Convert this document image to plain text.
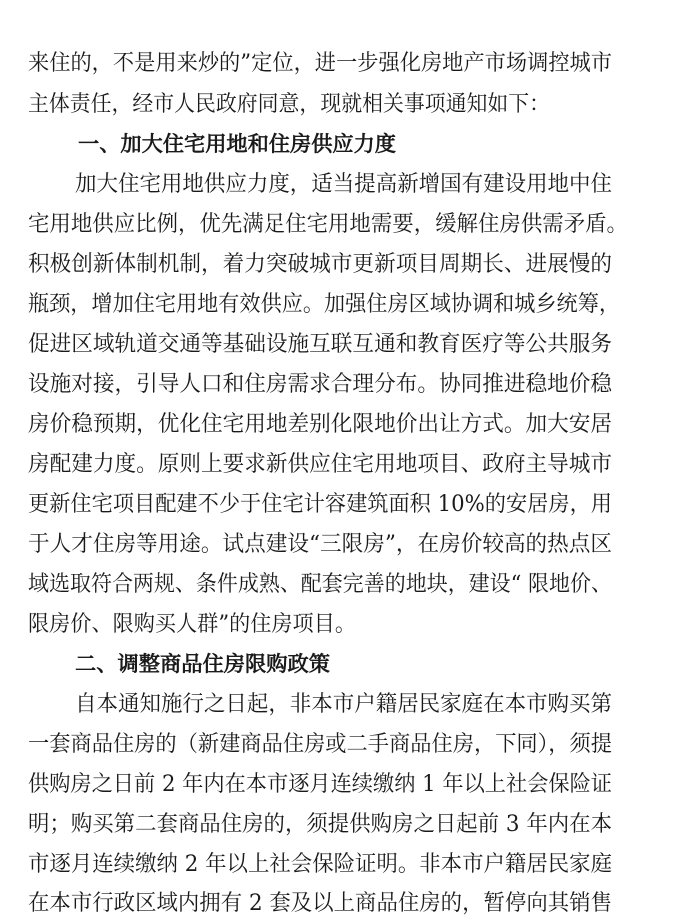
来住的，不是用来炒的”定位，进一步强化房地产市场调控城市
主体责任，经市人民政府同意，现就相关事项通知如下：
一、加大住宅用地和住房供应力度
加大住宅用地供应力度，适当提高新增国有建设用地中住
宅用地供应比例，优先满足住宅用地需要，缓解住房供需矛盾。
积极创新体制机制，着力突破城市更新项目周期长、进展慢的
瓶颈，增加住宅用地有效供应。加强住房区域协调和城乡统筹，
促进区域轨道交通等基础设施互联互通和教育医疗等公共服务
设施对接，引导人口和住房需求合理分布。协同推进稳地价稳
房价稳预期，优化住宅用地差别化限地价出让方式。加大安居
房配建力度。原则上要求新供应住宅用地项目、政府主导城市
更新住宅项目配建不少于住宅计容建筑面积 10%的安居房，用
于人才住房等用途。试点建设“三限房”，在房价较高的热点区
域选取符合两规、条件成熟、配套完善的地块，建设“ 限地价、
限房价、限购买人群”的住房项目。
二、调整商品住房限购政策
自本通知施行之日起，非本市户籍居民家庭在本市购买第
一套商品住房的（新建商品住房或二手商品住房，下同），须提
供购房之日前 2 年内在本市逐月连续缴纳 1 年以上社会保险证
明；购买第二套商品住房的，须提供购房之日起前 3 年内在本
市逐月连续缴纳 2 年以上社会保险证明。非本市户籍居民家庭
在本市行政区域内拥有 2 套及以上商品住房的，暂停向其销售
